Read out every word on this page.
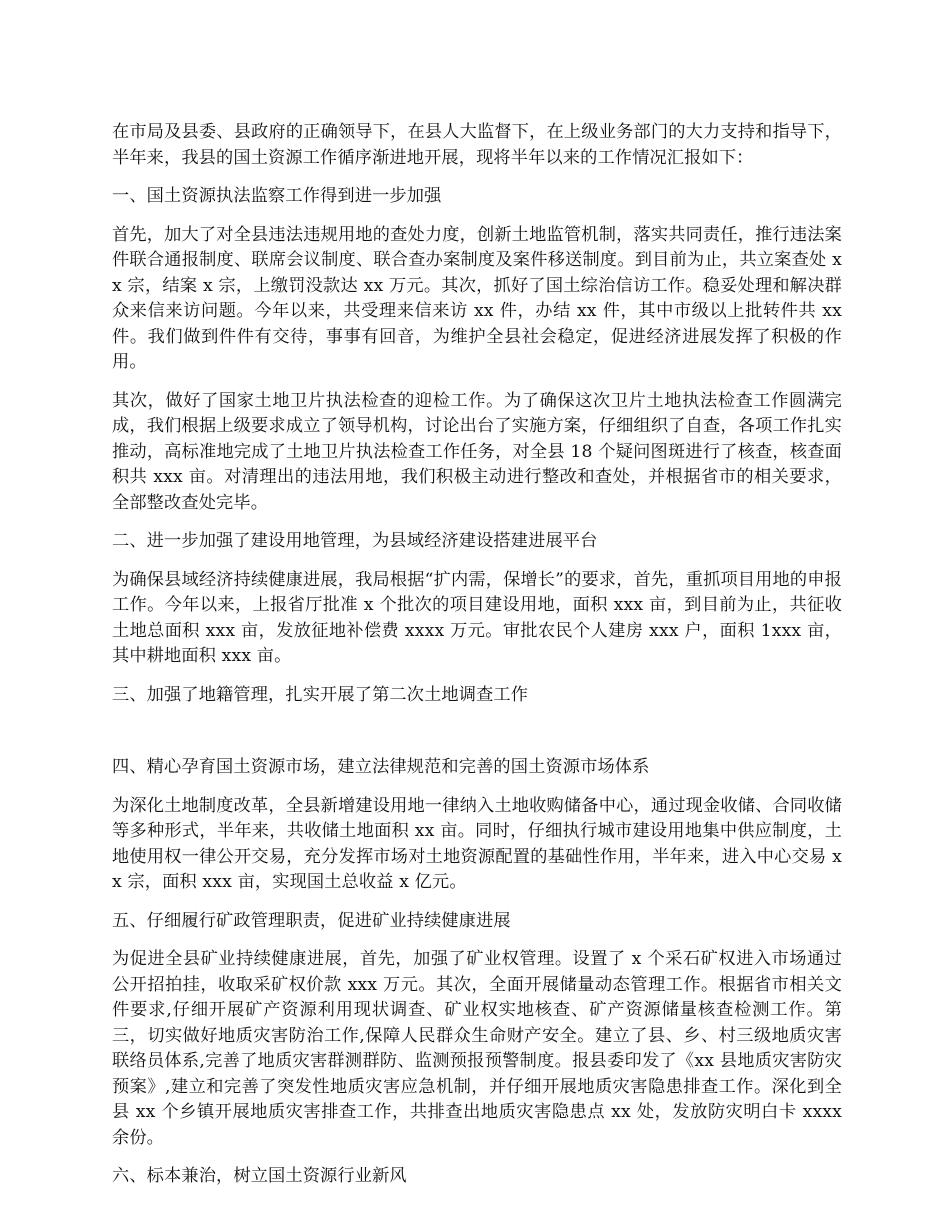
在市局及县委、县政府的正确领导下，在县人大监督下，在上级业务部门的大力支持和指导下，半年来，我县的国土资源工作循序渐进地开展，现将半年以来的工作情况汇报如下：

一、国土资源执法监察工作得到进一步加强

首先，加大了对全县违法违规用地的查处力度，创新土地监管机制，落实共同责任，推行违法案件联合通报制度、联席会议制度、联合查办案制度及案件移送制度。到目前为止，共立案查处 xx 宗，结案 x 宗，上缴罚没款达 xx 万元。其次，抓好了国土综治信访工作。稳妥处理和解决群众来信来访问题。今年以来，共受理来信来访 xx 件，办结 xx 件，其中市级以上批转件共 xx 件。我们做到件件有交待，事事有回音，为维护全县社会稳定，促进经济进展发挥了积极的作用。

其次，做好了国家土地卫片执法检查的迎检工作。为了确保这次卫片土地执法检查工作圆满完成，我们根据上级要求成立了领导机构，讨论出台了实施方案，仔细组织了自查，各项工作扎实推动，高标准地完成了土地卫片执法检查工作任务，对全县 18 个疑问图斑进行了核查，核查面积共 xxx 亩。对清理出的违法用地，我们积极主动进行整改和查处，并根据省市的相关要求，全部整改查处完毕。

二、进一步加强了建设用地管理，为县域经济建设搭建进展平台

为确保县域经济持续健康进展，我局根据“扩内需，保增长”的要求，首先，重抓项目用地的申报工作。今年以来，上报省厅批准 x 个批次的项目建设用地，面积 xxx 亩，到目前为止，共征收土地总面积 xxx 亩，发放征地补偿费 xxxx 万元。审批农民个人建房 xxx 户，面积 1xxx 亩，其中耕地面积 xxx 亩。

三、加强了地籍管理，扎实开展了第二次土地调查工作

四、精心孕育国土资源市场，建立法律规范和完善的国土资源市场体系

为深化土地制度改革，全县新增建设用地一律纳入土地收购储备中心，通过现金收储、合同收储等多种形式，半年来，共收储土地面积 xx 亩。同时，仔细执行城市建设用地集中供应制度，土地使用权一律公开交易，充分发挥市场对土地资源配置的基础性作用，半年来，进入中心交易 xx 宗，面积 xxx 亩，实现国土总收益 x 亿元。

五、仔细履行矿政管理职责，促进矿业持续健康进展

为促进全县矿业持续健康进展，首先，加强了矿业权管理。设置了 x 个采石矿权进入市场通过公开招拍挂，收取采矿权价款 xxx 万元。其次，全面开展储量动态管理工作。根据省市相关文件要求,仔细开展矿产资源利用现状调查、矿业权实地核查、矿产资源储量核查检测工作。第三，切实做好地质灾害防治工作,保障人民群众生命财产安全。建立了县、乡、村三级地质灾害联络员体系,完善了地质灾害群测群防、监测预报预警制度。报县委印发了《xx 县地质灾害防灾预案》,建立和完善了突发性地质灾害应急机制，并仔细开展地质灾害隐患排查工作。深化到全县 xx 个乡镇开展地质灾害排查工作，共排查出地质灾害隐患点 xx 处，发放防灾明白卡 xxxx 余份。

六、标本兼治，树立国土资源行业新风
